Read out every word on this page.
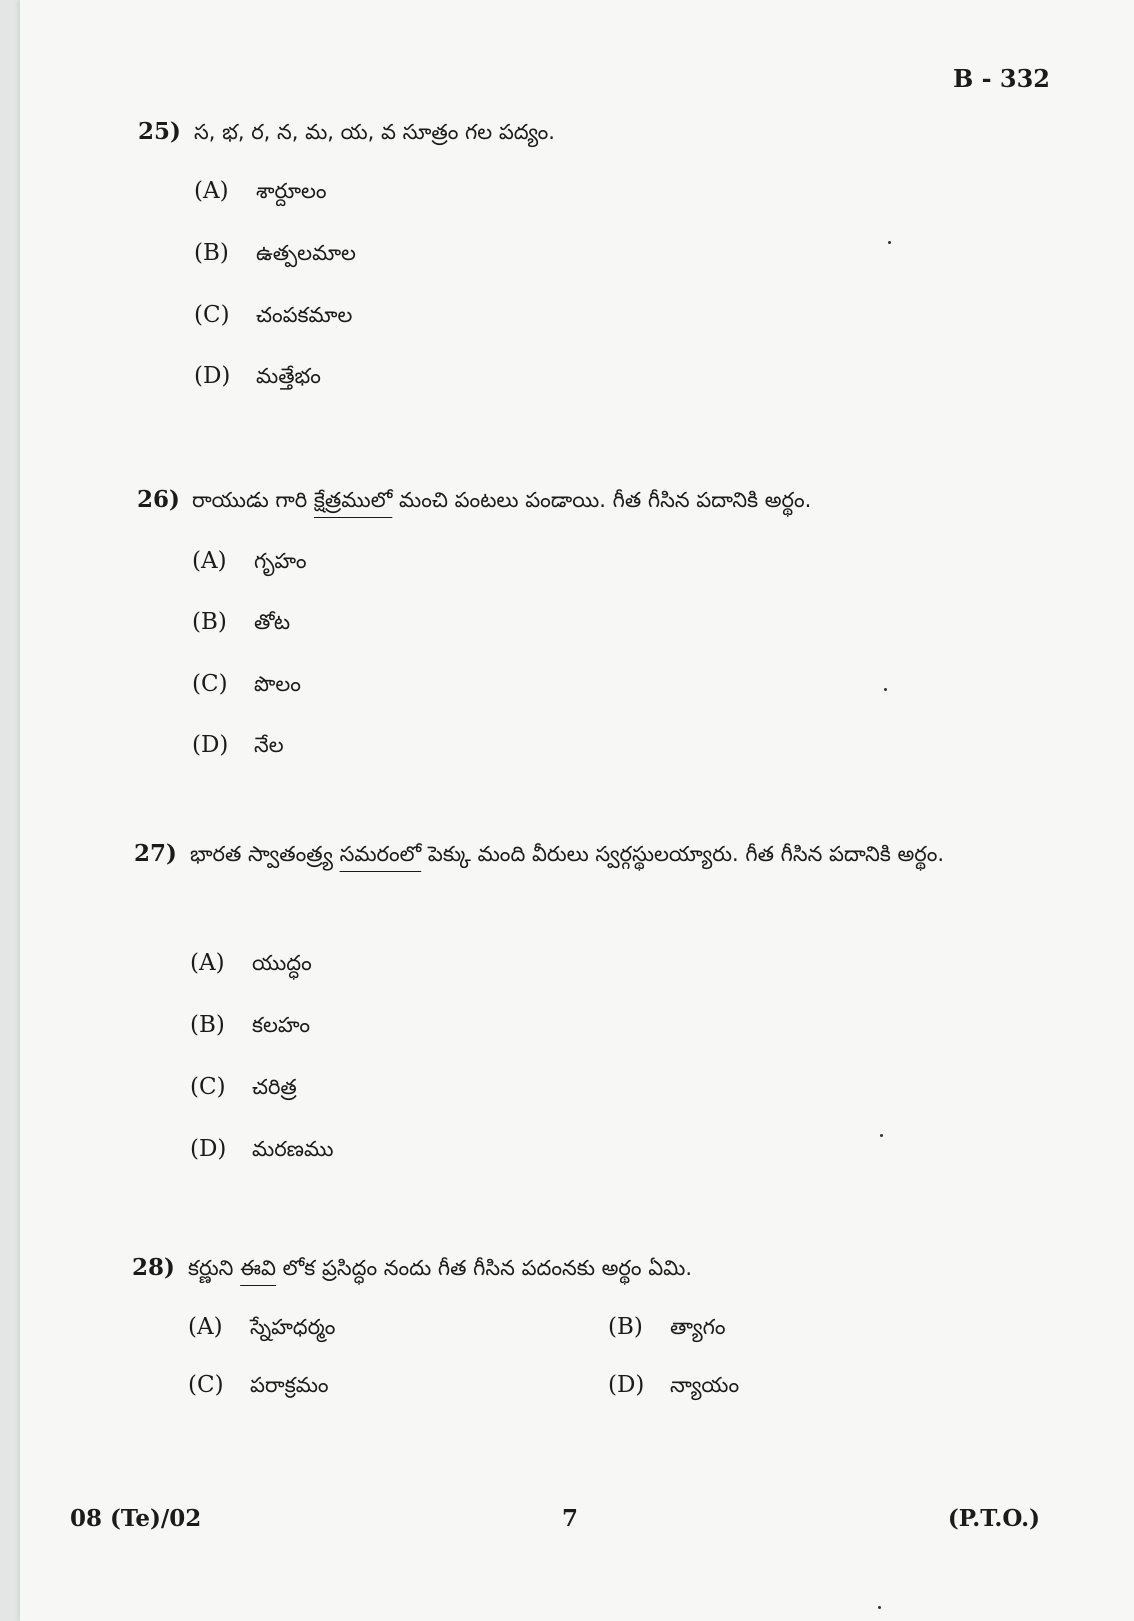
B - 332
25) స, భ, ర, న, మ, య, వ సూత్రం గల పద్యం.
(A) శార్దూలం
(B) ఉత్పలమాల
(C) చంపకమాల
(D) మత్తేభం
26) రాయుడు గారి క్షేత్రములో మంచి పంటలు పండాయి. గీత గీసిన పదానికి అర్థం.
(A) గృహం
(B) తోట
(C) పొలం
(D) నేల
27) భారత స్వాతంత్ర్య సమరంలో పెక్కు మంది వీరులు స్వర్గస్థులయ్యారు. గీత గీసిన పదానికి అర్థం.
(A) యుద్ధం
(B) కలహం
(C) చరిత్ర
(D) మరణము
28) కర్ణుని ఈవి లోక ప్రసిద్ధం నందు గీత గీసిన పదంనకు అర్థం ఏమి.
(A) స్నేహధర్మం	(B) త్యాగం
(C) పరాక్రమం	(D) న్యాయం
08 (Te)/02	7	(P.T.O.)
